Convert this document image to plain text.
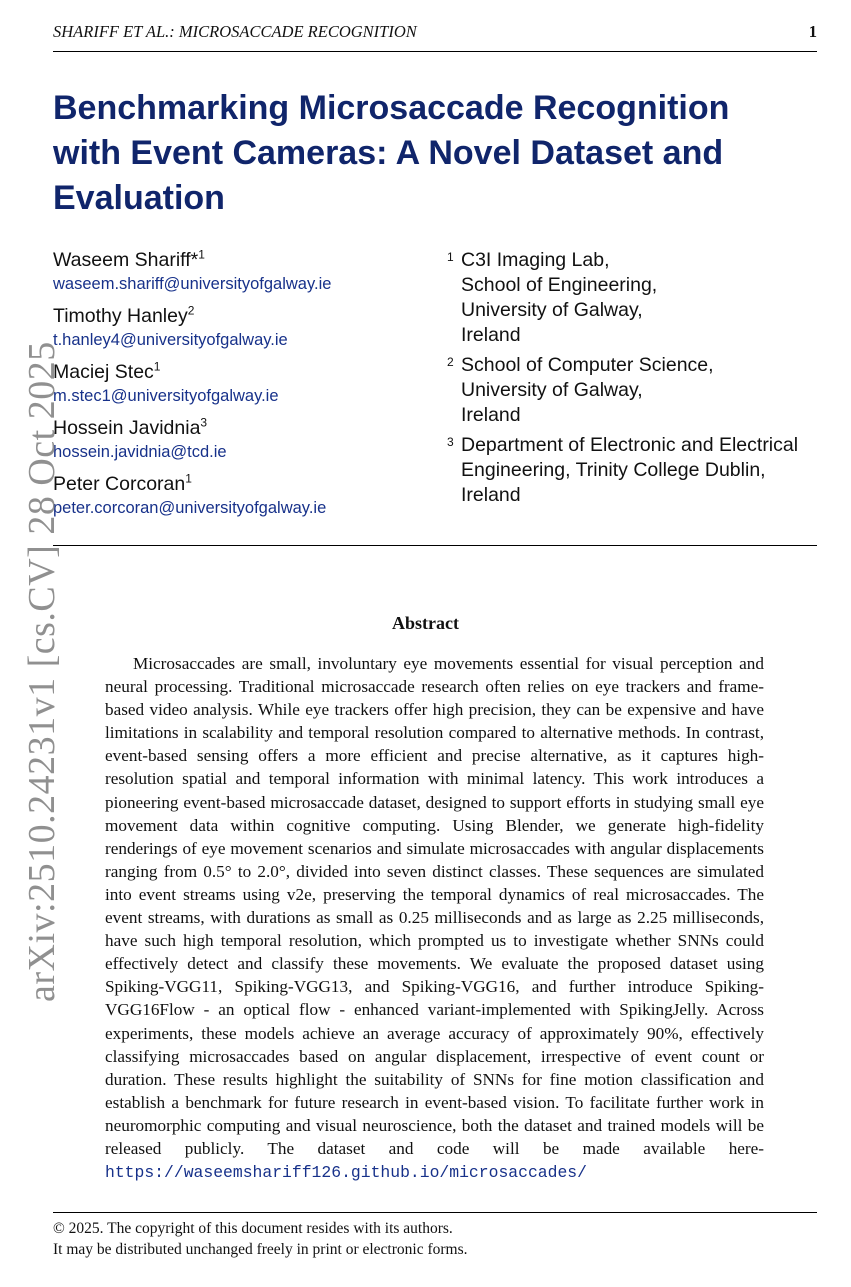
SHARIFF ET AL.: MICROSACCADE RECOGNITION	1
Benchmarking Microsaccade Recognition with Event Cameras: A Novel Dataset and Evaluation
Waseem Shariff*$^1$
waseem.shariff@universityofgalway.ie
Timothy Hanley$^2$
t.hanley4@universityofgalway.ie
Maciej Stec$^1$
m.stec1@universityofgalway.ie
Hossein Javidnia$^3$
hossein.javidnia@tcd.ie
Peter Corcoran$^1$
peter.corcoran@universityofgalway.ie
1 C3I Imaging Lab,
School of Engineering,
University of Galway,
Ireland
2 School of Computer Science,
University of Galway,
Ireland
3 Department of Electronic and Electrical
Engineering, Trinity College Dublin,
Ireland
arXiv:2510.24231v1 [cs.CV] 28 Oct 2025	Abstract
Microsaccades are small, involuntary eye movements essential for visual perception and neural processing. Traditional microsaccade research often relies on eye trackers and frame-based video analysis. While eye trackers offer high precision, they can be expensive and have limitations in scalability and temporal resolution compared to alternative methods. In contrast, event-based sensing offers a more efficient and precise alternative, as it captures high-resolution spatial and temporal information with minimal latency. This work introduces a pioneering event-based microsaccade dataset, designed to support efforts in studying small eye movement data within cognitive computing. Using Blender, we generate high-fidelity renderings of eye movement scenarios and simulate microsaccades with angular displacements ranging from 0.5° to 2.0°, divided into seven distinct classes. These sequences are simulated into event streams using v2e, preserving the temporal dynamics of real microsaccades. The event streams, with durations as small as 0.25 milliseconds and as large as 2.25 milliseconds, have such high temporal resolution, which prompted us to investigate whether SNNs could effectively detect and classify these movements. We evaluate the proposed dataset using Spiking-VGG11, Spiking-VGG13, and Spiking-VGG16, and further introduce Spiking-VGG16Flow - an optical flow - enhanced variant-implemented with SpikingJelly. Across experiments, these models achieve an average accuracy of approximately 90%, effectively classifying microsaccades based on angular displacement, irrespective of event count or duration. These results highlight the suitability of SNNs for fine motion classification and establish a benchmark for future research in event-based vision. To facilitate further work in neuromorphic computing and visual neuroscience, both the dataset and trained models will be released publicly. The dataset and code will be made available here- https://waseemshariff126.github.io/microsaccades/
© 2025. The copyright of this document resides with its authors.
It may be distributed unchanged freely in print or electronic forms.
